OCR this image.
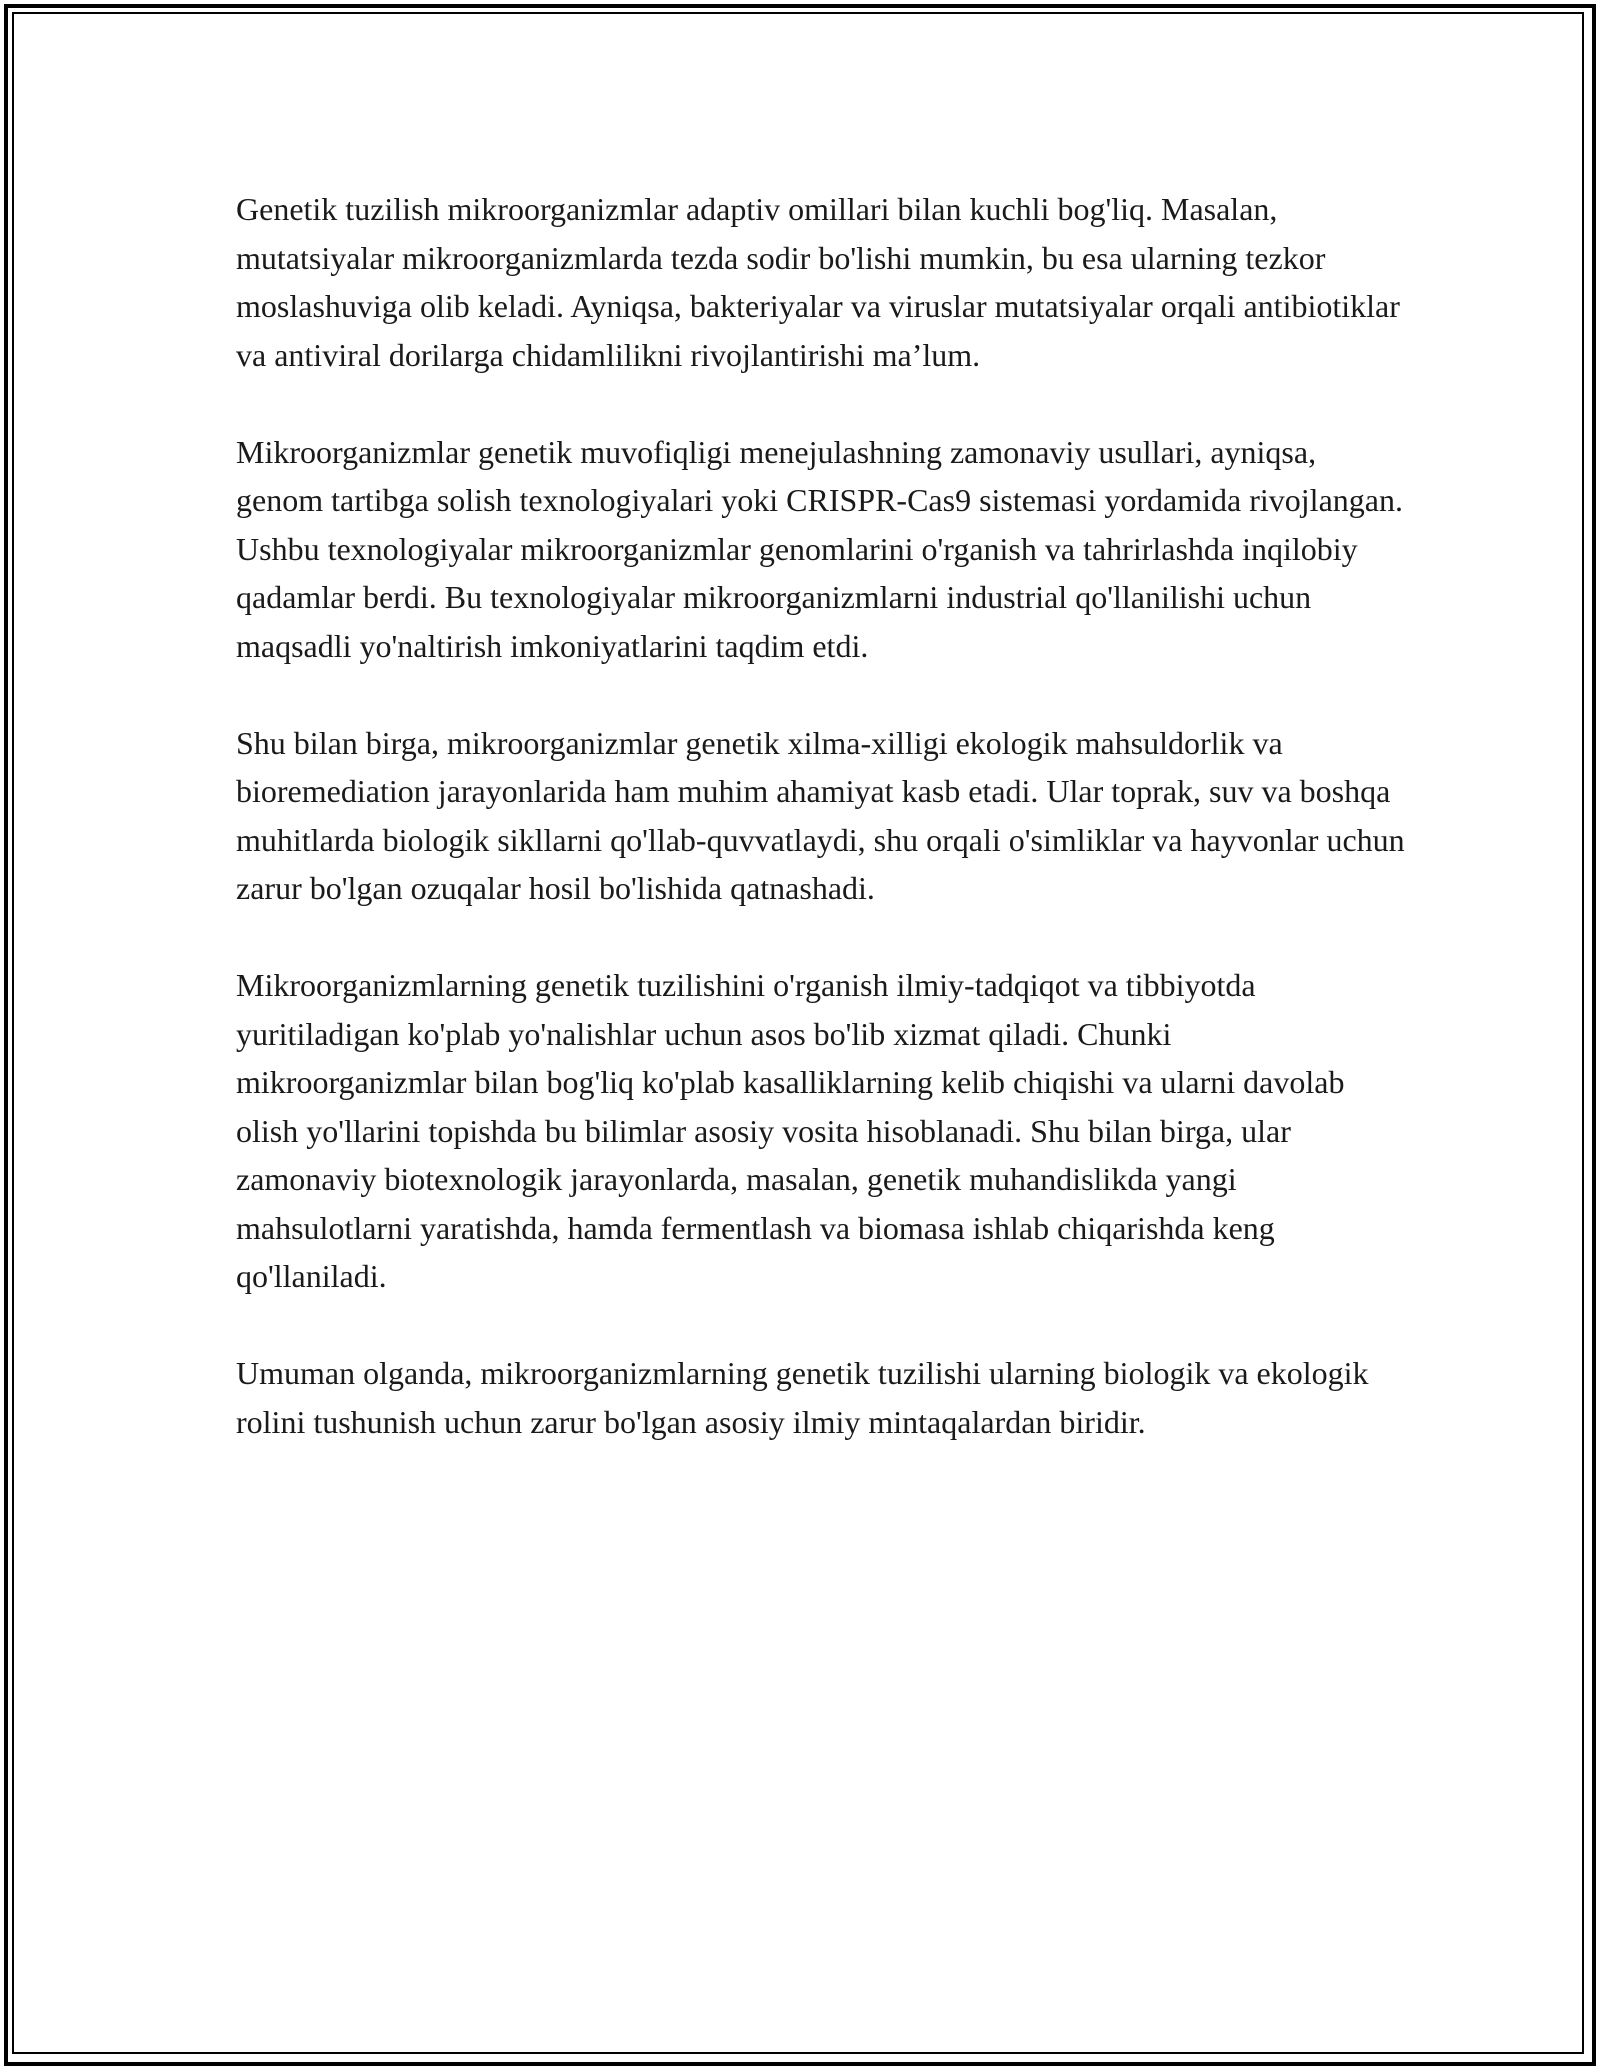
Genetik tuzilish mikroorganizmlar adaptiv omillari bilan kuchli bog'liq. Masalan, mutatsiyalar mikroorganizmlarda tezda sodir bo'lishi mumkin, bu esa ularning tezkor moslashuviga olib keladi. Ayniqsa, bakteriyalar va viruslar mutatsiyalar orqali antibiotiklar va antiviral dorilarga chidamlilikni rivojlantirishi ma’lum.

Mikroorganizmlar genetik muvofiqligi menejulashning zamonaviy usullari, ayniqsa, genom tartibga solish texnologiyalari yoki CRISPR-Cas9 sistemasi yordamida rivojlangan. Ushbu texnologiyalar mikroorganizmlar genomlarini o'rganish va tahrirlashda inqilobiy qadamlar berdi. Bu texnologiyalar mikroorganizmlarni industrial qo'llanilishi uchun maqsadli yo'naltirish imkoniyatlarini taqdim etdi.

Shu bilan birga, mikroorganizmlar genetik xilma-xilligi ekologik mahsuldorlik va bioremediation jarayonlarida ham muhim ahamiyat kasb etadi. Ular toprak, suv va boshqa muhitlarda biologik sikllarni qo'llab-quvvatlaydi, shu orqali o'simliklar va hayvonlar uchun zarur bo'lgan ozuqalar hosil bo'lishida qatnashadi.

Mikroorganizmlarning genetik tuzilishini o'rganish ilmiy-tadqiqot va tibbiyotda yuritiladigan ko'plab yo'nalishlar uchun asos bo'lib xizmat qiladi. Chunki mikroorganizmlar bilan bog'liq ko'plab kasalliklarning kelib chiqishi va ularni davolab olish yo'llarini topishda bu bilimlar asosiy vosita hisoblanadi. Shu bilan birga, ular zamonaviy biotexnologik jarayonlarda, masalan, genetik muhandislikda yangi mahsulotlarni yaratishda, hamda fermentlash va biomasa ishlab chiqarishda keng qo'llaniladi.

Umuman olganda, mikroorganizmlarning genetik tuzilishi ularning biologik va ekologik rolini tushunish uchun zarur bo'lgan asosiy ilmiy mintaqalardan biridir.
